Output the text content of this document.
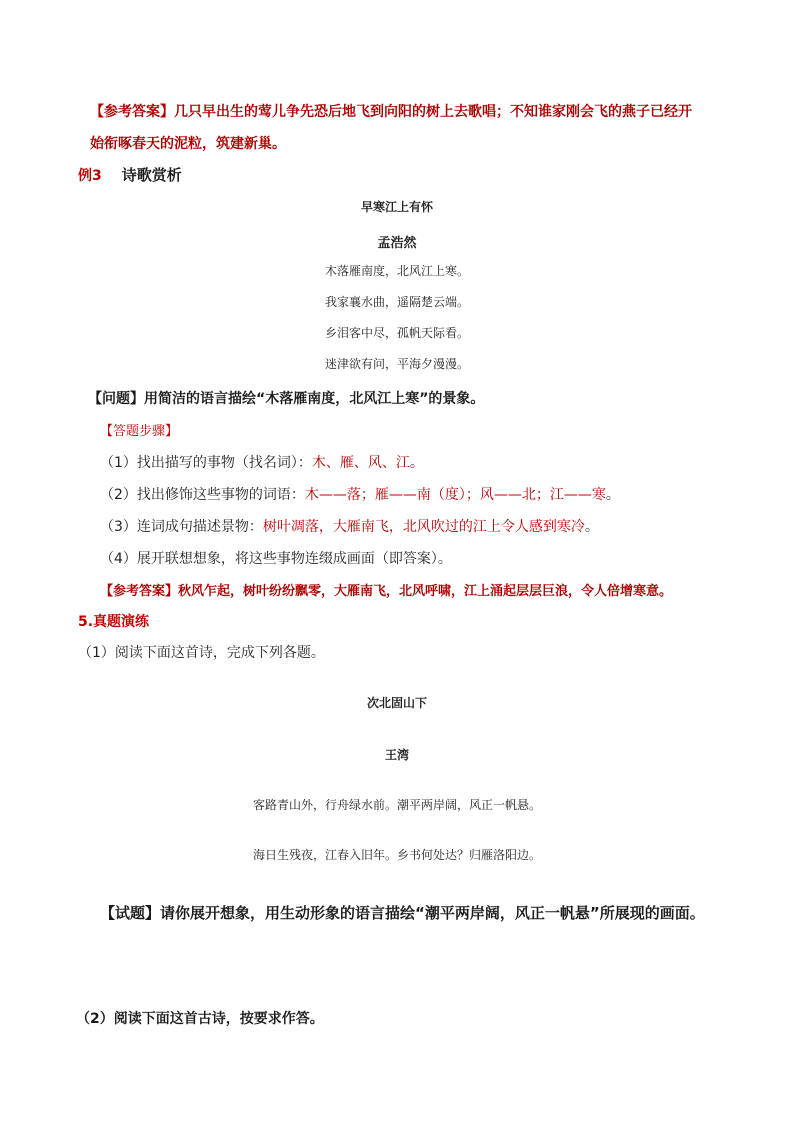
【参考答案】几只早出生的莺儿争先恐后地飞到向阳的树上去歌唱；不知谁家刚会飞的燕子已经开
始衔啄春天的泥粒，筑建新巢。
例3 诗歌赏析
早寒江上有怀
孟浩然
木落雁南度，北风江上寒。
我家襄水曲，遥隔楚云端。
乡泪客中尽，孤帆天际看。
迷津欲有问，平海夕漫漫。
【问题】用简洁的语言描绘“木落雁南度，北风江上寒”的景象。
【答题步骤】
（1）找出描写的事物（找名词）：木、雁、风、江。
（2）找出修饰这些事物的词语：木——落；雁——南（度）；风——北；江——寒。
（3）连词成句描述景物：树叶凋落，大雁南飞，北风吹过的江上令人感到寒冷。
（4）展开联想想象，将这些事物连缀成画面（即答案）。
【参考答案】秋风乍起，树叶纷纷飘零，大雁南飞，北风呼啸，江上涌起层层巨浪，令人倍增寒意。
5.真题演练
（1）阅读下面这首诗，完成下列各题。
次北固山下
王湾
客路青山外，行舟绿水前。潮平两岸阔，风正一帆悬。
海日生残夜，江春入旧年。乡书何处达？归雁洛阳边。
【试题】请你展开想象，用生动形象的语言描绘“潮平两岸阔，风正一帆悬”所展现的画面。
（2）阅读下面这首古诗，按要求作答。
